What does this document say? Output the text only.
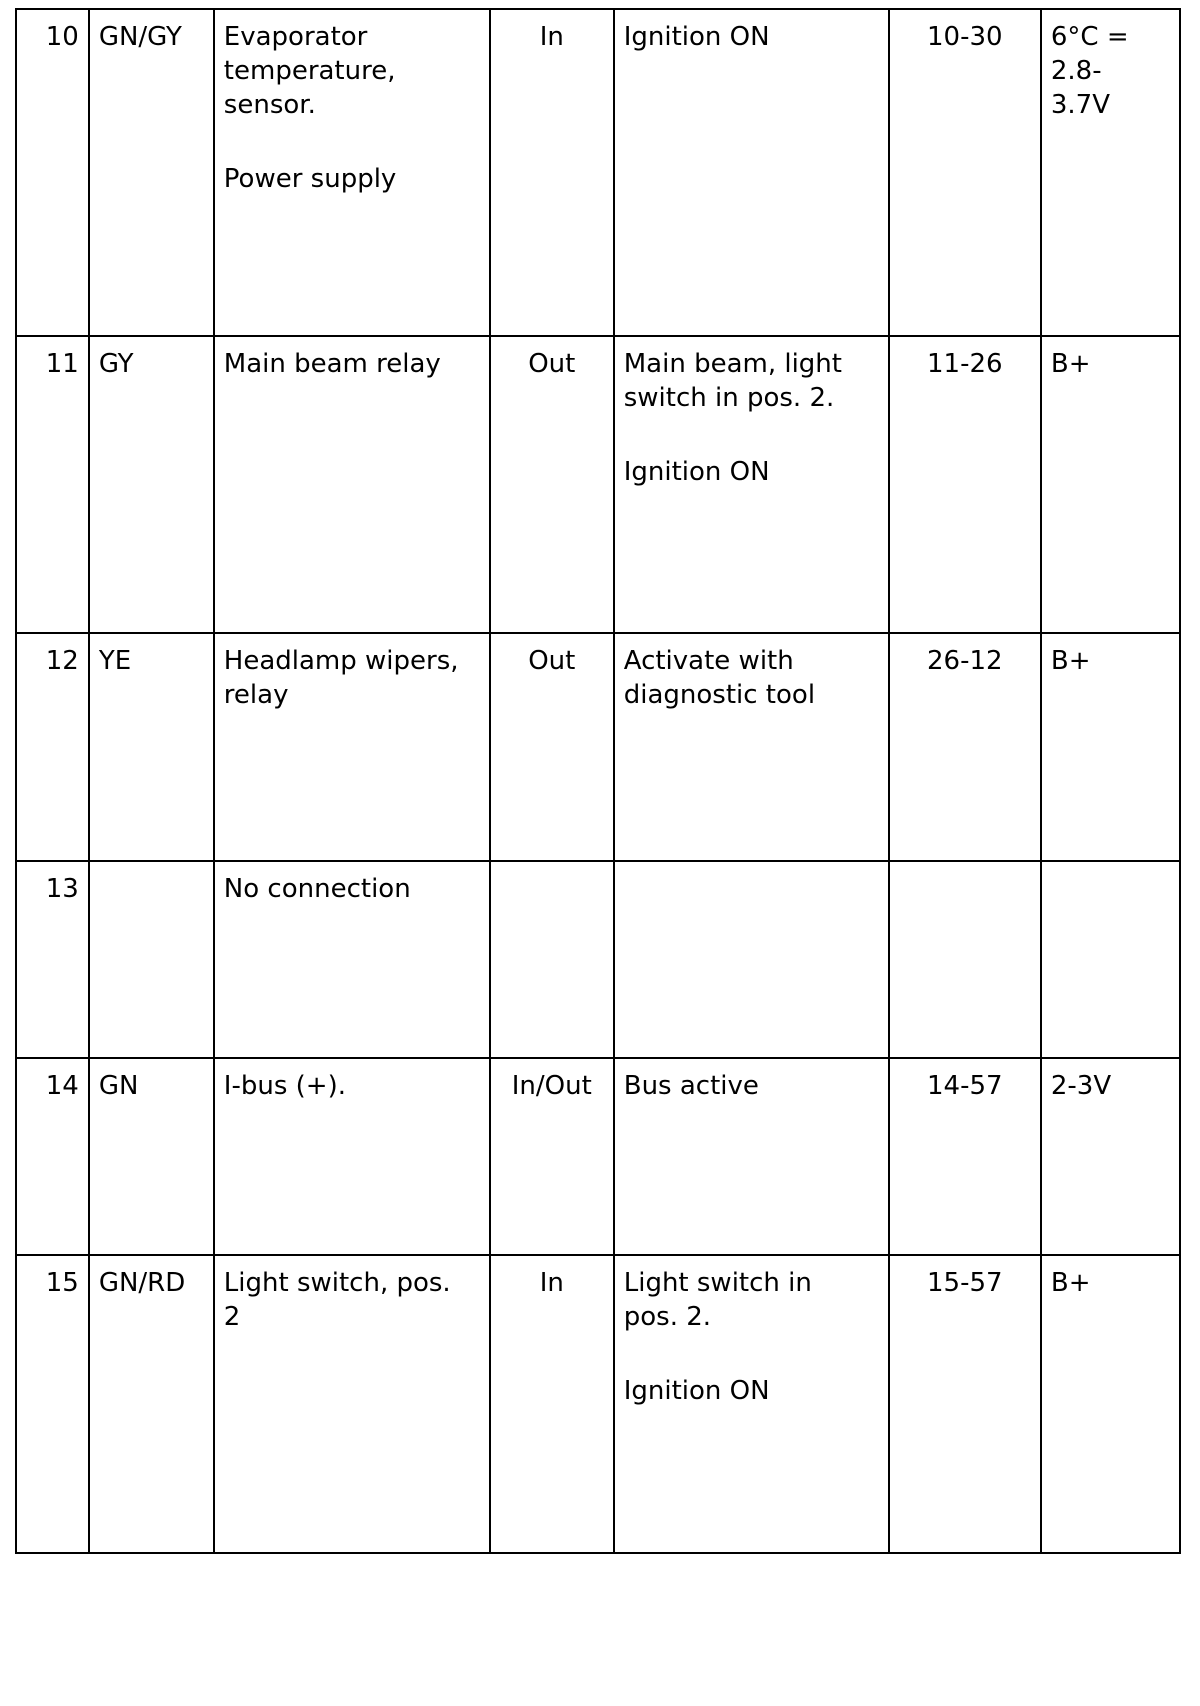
10	GN/GY	Evaporator
temperature,
sensor.
Power supply	In	Ignition ON	10-30	6°C =
2.8-
3.7V

11	GY	Main beam relay	Out	Main beam, light
switch in pos. 2.
Ignition ON	11-26	B+

12	YE	Headlamp wipers,
relay	Out	Activate with
diagnostic tool	26-12	B+

13		No connection				

14	GN	I-bus (+).	In/Out	Bus active	14-57	2-3V

15	GN/RD	Light switch, pos.
2	In	Light switch in
pos. 2.
Ignition ON	15-57	B+
